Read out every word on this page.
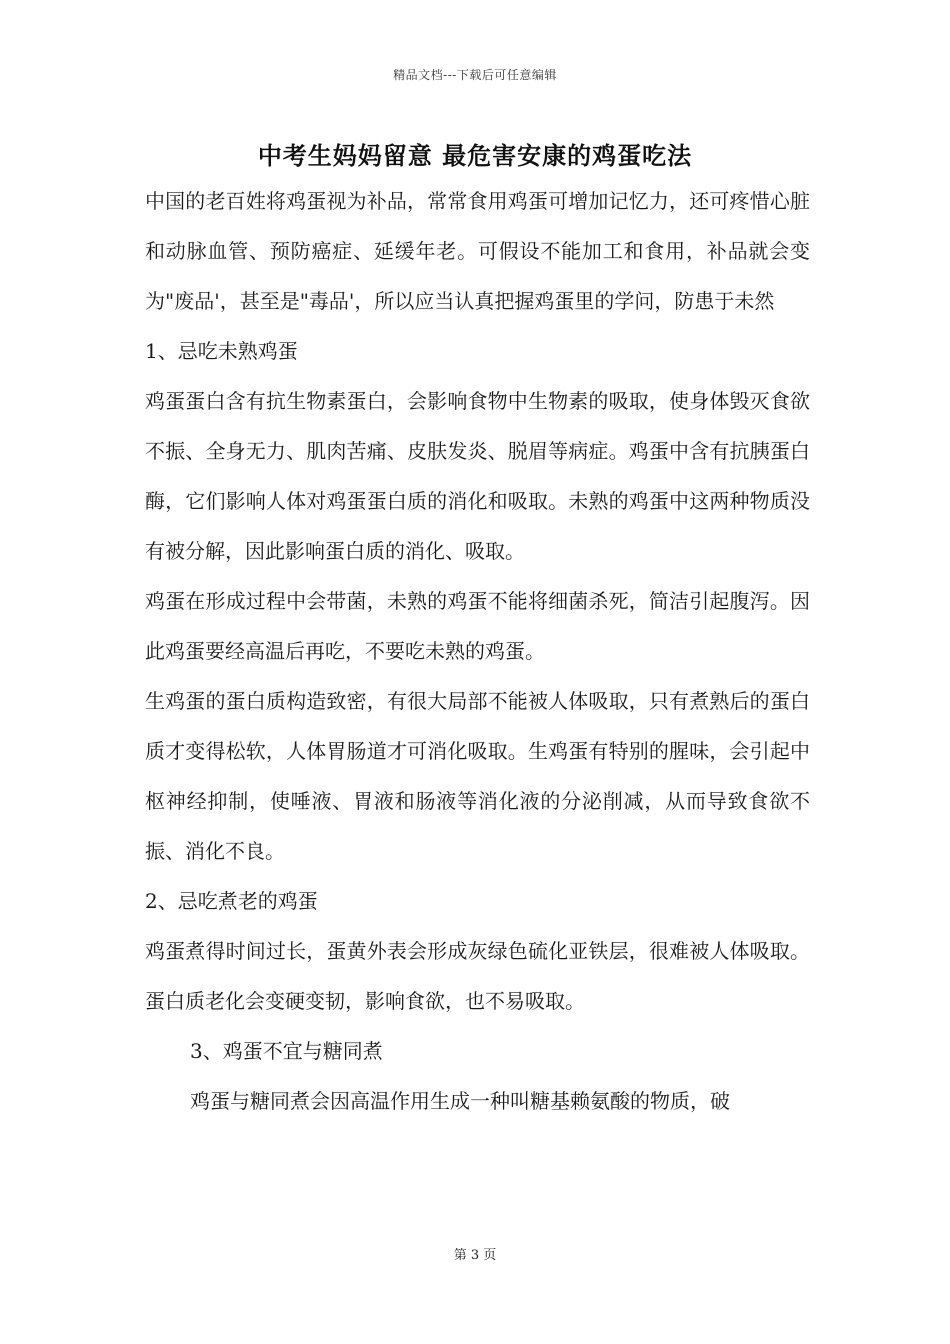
精品文档---下载后可任意编辑
中考生妈妈留意 最危害安康的鸡蛋吃法

中国的老百姓将鸡蛋视为补品，常常食用鸡蛋可增加记忆力，还可疼惜心脏和动脉血管、预防癌症、延缓年老。可假设不能加工和食用，补品就会变为"废品'，甚至是"毒品'，所以应当认真把握鸡蛋里的学问，防患于未然

1、忌吃未熟鸡蛋

鸡蛋蛋白含有抗生物素蛋白，会影响食物中生物素的吸取，使身体毁灭食欲不振、全身无力、肌肉苦痛、皮肤发炎、脱眉等病症。鸡蛋中含有抗胰蛋白酶，它们影响人体对鸡蛋蛋白质的消化和吸取。未熟的鸡蛋中这两种物质没有被分解，因此影响蛋白质的消化、吸取。

鸡蛋在形成过程中会带菌，未熟的鸡蛋不能将细菌杀死，简洁引起腹泻。因此鸡蛋要经高温后再吃，不要吃未熟的鸡蛋。

生鸡蛋的蛋白质构造致密，有很大局部不能被人体吸取，只有煮熟后的蛋白质才变得松软，人体胃肠道才可消化吸取。生鸡蛋有特别的腥味，会引起中枢神经抑制，使唾液、胃液和肠液等消化液的分泌削减，从而导致食欲不振、消化不良。

2、忌吃煮老的鸡蛋

鸡蛋煮得时间过长，蛋黄外表会形成灰绿色硫化亚铁层，很难被人体吸取。蛋白质老化会变硬变韧，影响食欲，也不易吸取。

3、鸡蛋不宜与糖同煮

鸡蛋与糖同煮会因高温作用生成一种叫糖基赖氨酸的物质，破

第 3 页
